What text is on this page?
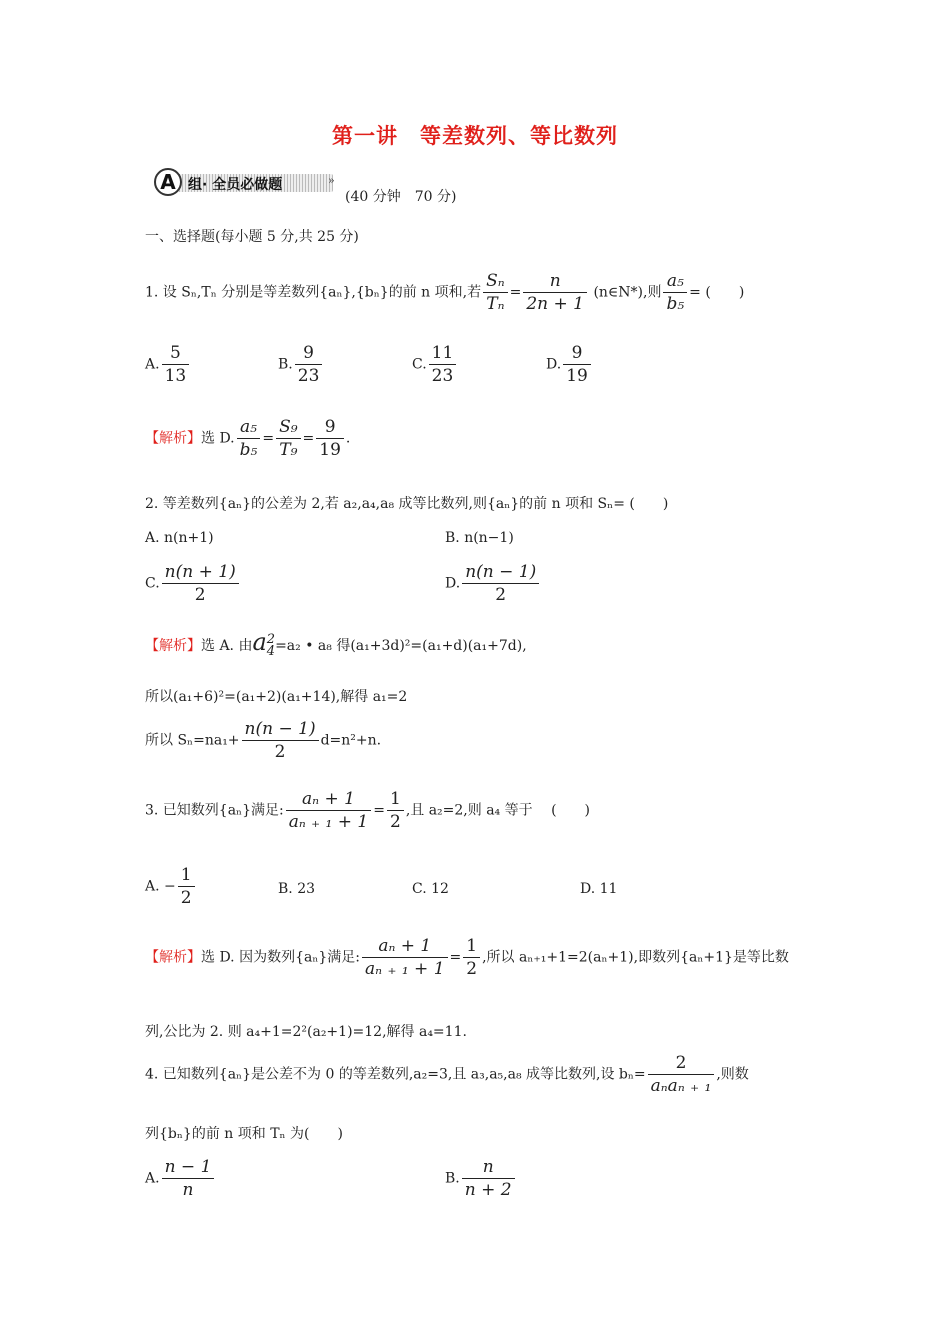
第一讲　等差数列、等比数列
A 组· 全员必做题	»
(40 分钟　70 分)
一、选择题(每小题 5 分,共 25 分)
1. 设 Sₙ,Tₙ 分别是等差数列{aₙ},{bₙ}的前 n 项和,若 $\frac{\text{Sₙ}}{\text{Tₙ}} = \frac{n}{2n + 1}$ (n∈N*),则 $\frac{\text{a₅}}{\text{b₅}}$ = (　　)
A. $\frac{5}{13}$	B. $\frac{9}{23}$	C. $\frac{11}{23}$	D. $\frac{9}{19}$
【解析】选 D. $\frac{\text{a₅}}{\text{b₅}} = \frac{\text{S₉}}{\text{T₉}} = \frac{9}{19}$ .
2. 等差数列{aₙ}的公差为 2,若 a₂,a₄,a₈ 成等比数列,则{aₙ}的前 n 项和 Sₙ= (　　)
A. n(n+1)	B. n(n−1)
C. $\frac{n(n + 1)}{2}$	D. $\frac{n(n - 1)}{2}$
【解析】选 A. 由a 2
4 =a₂ • a₈ 得(a₁+3d)²=(a₁+d)(a₁+7d),
所以(a₁+6)²=(a₁+2)(a₁+14),解得 a₁=2
所以 $S_n=na_1+ \frac{n(n - 1)}{2} d=n^2+n$.
3. 已知数列{aₙ}满足: $\frac{\text{aₙ + 1}}{\text{aₙ ₊ ₁ + 1}} = \frac{1}{2}$ ,且 a₂=2,则 a₄ 等于　 (　　)
A. − $\frac{1}{2}$	B. 23	C. 12	D. 11
【解析】选 D. 因为数列{aₙ}满足: $\frac{\text{aₙ + 1}}{\text{aₙ ₊ ₁ + 1}} = \frac{1}{2}$ ,所以 aₙ₊₁+1=2(aₙ+1),即数列{aₙ+1}是等比数
列,公比为 2. 则 a₄+1=2²(a₂+1)=12,解得 a₄=11.
4. 已知数列{aₙ}是公差不为 0 的等差数列,a₂=3,且 a₃,a₅,a₈ 成等比数列,设 $b_n= \frac{2}{\text{aₙaₙ ₊ ₁}}$ ,则数
列{bₙ}的前 n 项和 Tₙ 为(　　)
A. $\frac{n - 1}{n}$	B. $\frac{n}{n + 2}$
